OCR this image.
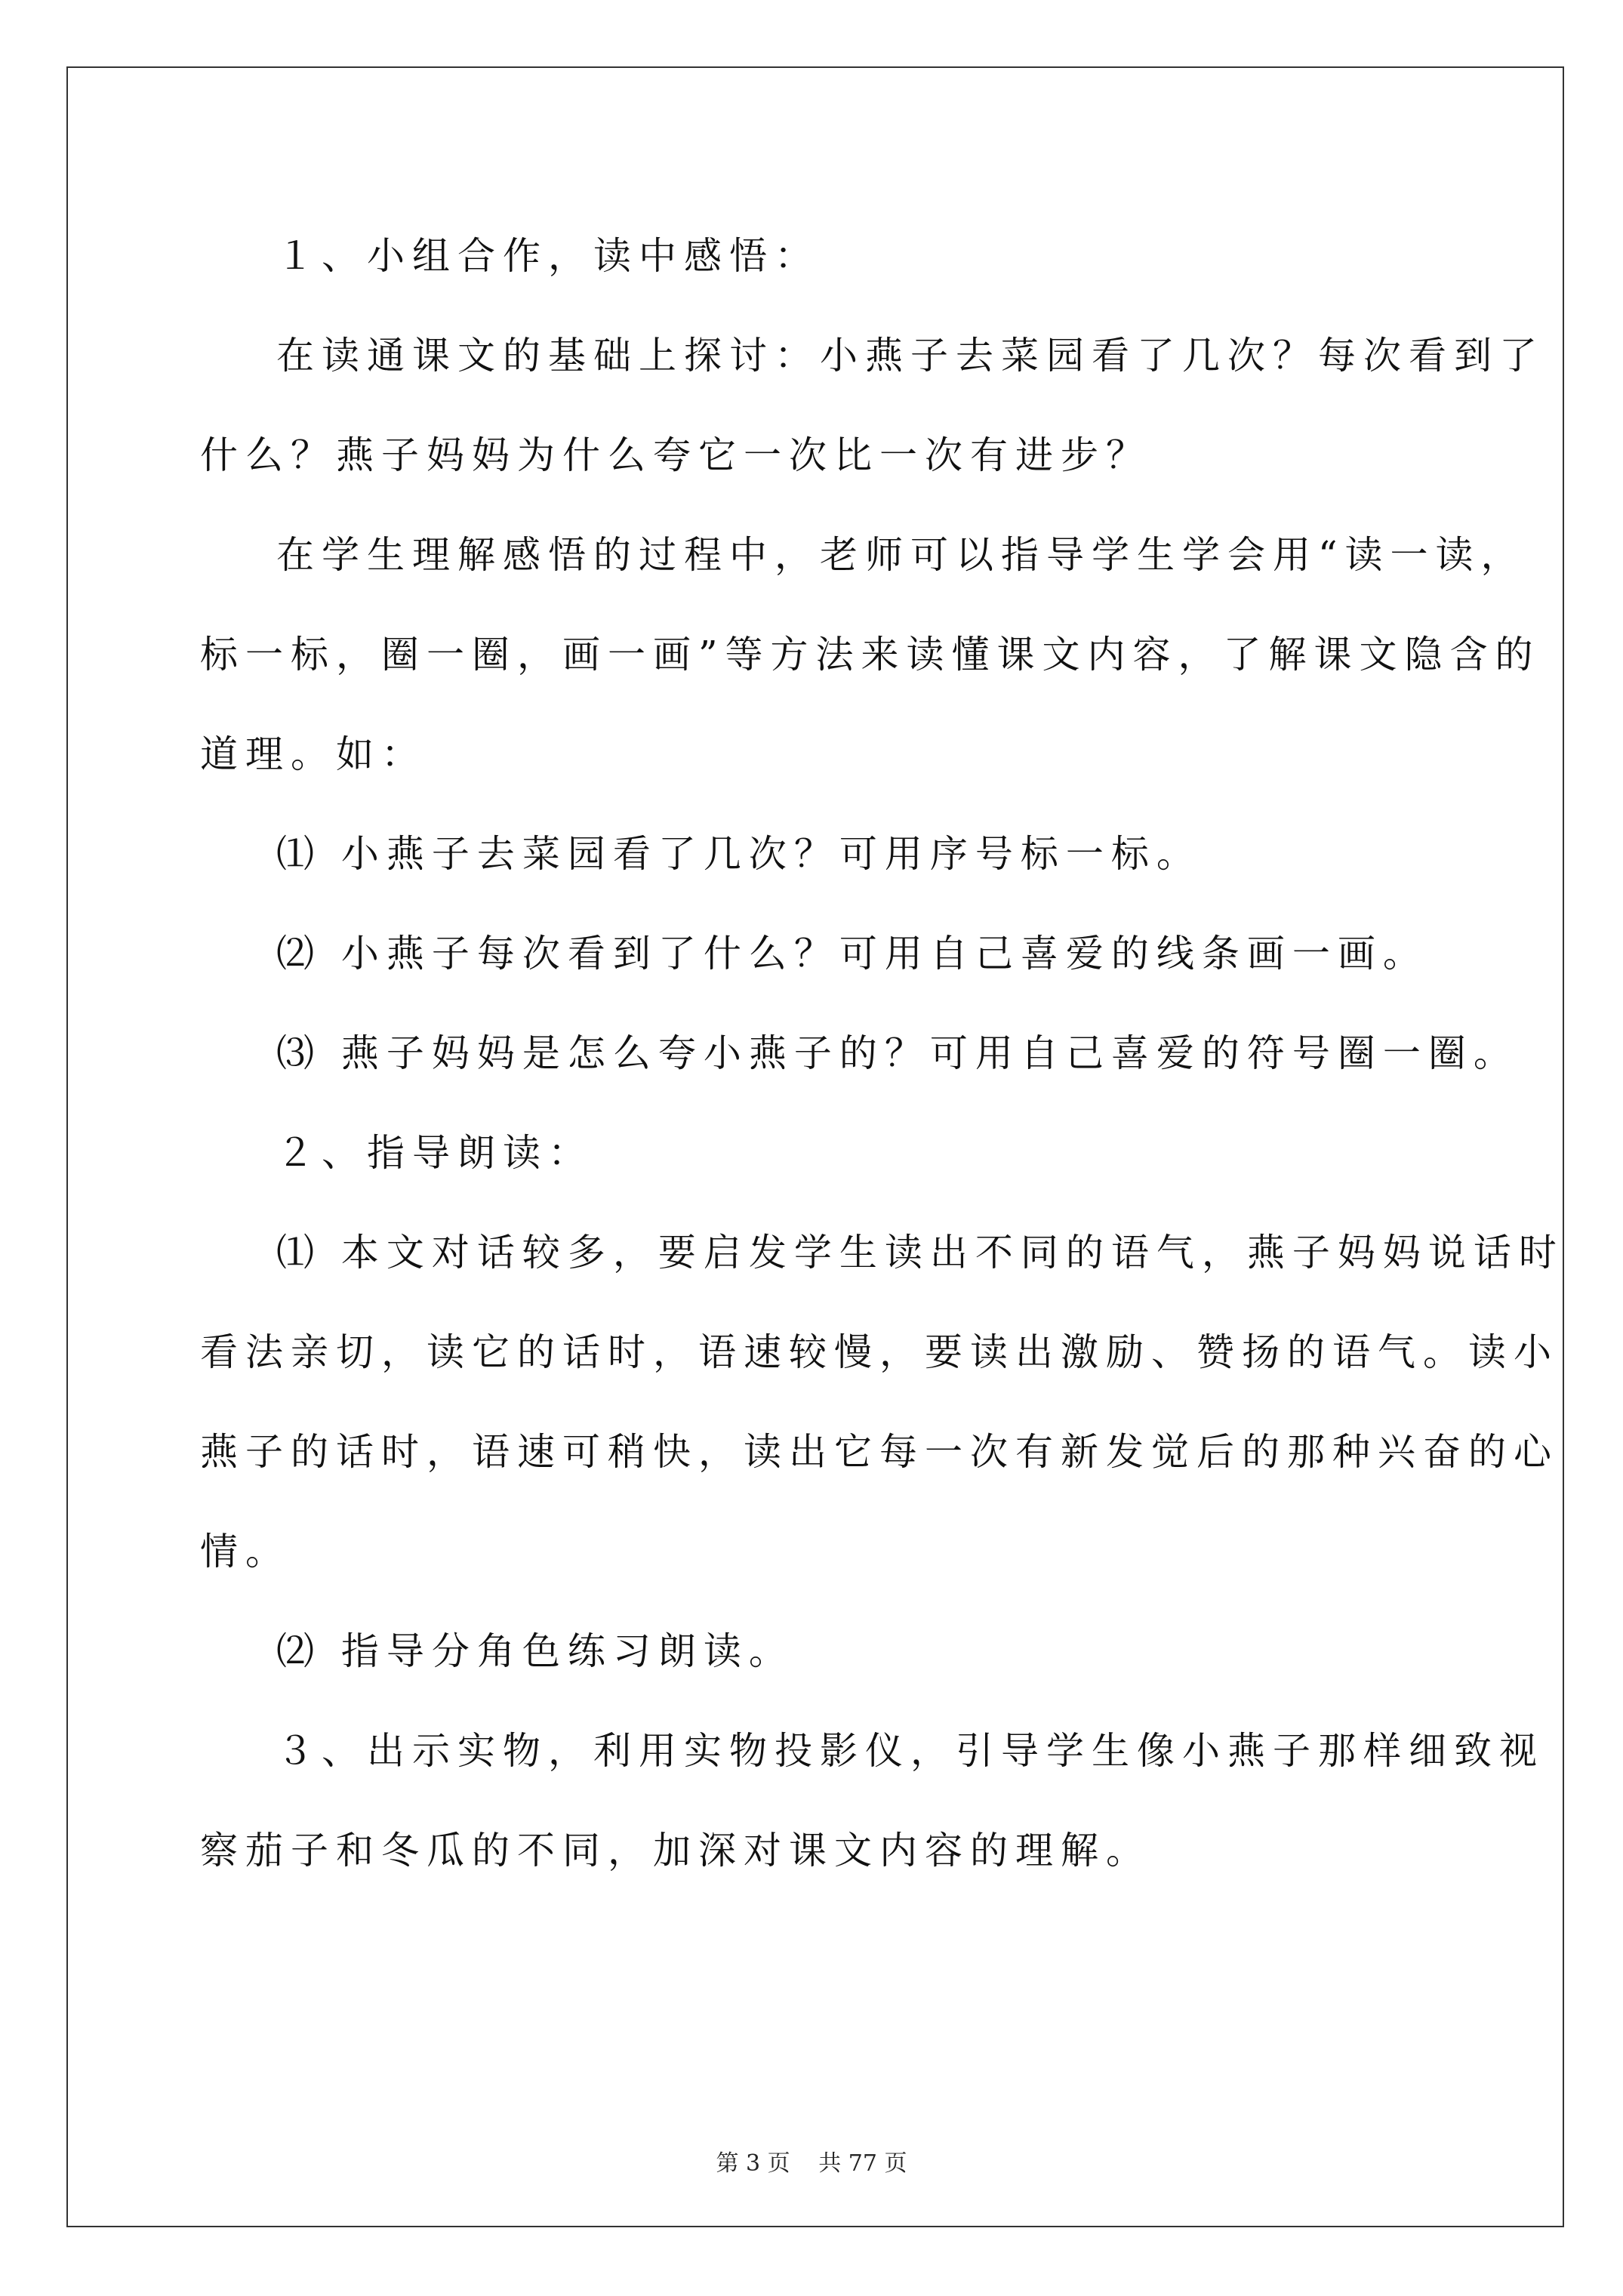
１、小组合作，读中感悟：
在读通课文的基础上探讨：小燕子去菜园看了几次？每次看到了
什么？燕子妈妈为什么夸它一次比一次有进步？
在学生理解感悟的过程中，老师可以指导学生学会用“读一读，
标一标，圈一圈，画一画”等方法来读懂课文内容，了解课文隐含的
道理。如：
⑴ 小燕子去菜园看了几次？可用序号标一标。
⑵ 小燕子每次看到了什么？可用自己喜爱的线条画一画。
⑶ 燕子妈妈是怎么夸小燕子的？可用自己喜爱的符号圈一圈。
２、指导朗读：
⑴ 本文对话较多，要启发学生读出不同的语气，燕子妈妈说话时
看法亲切，读它的话时，语速较慢，要读出激励、赞扬的语气。读小
燕子的话时，语速可稍快，读出它每一次有新发觉后的那种兴奋的心
情。
⑵ 指导分角色练习朗读。
３、出示实物，利用实物投影仪，引导学生像小燕子那样细致视
察茄子和冬瓜的不同，加深对课文内容的理解。
第 3 页 共 77 页
